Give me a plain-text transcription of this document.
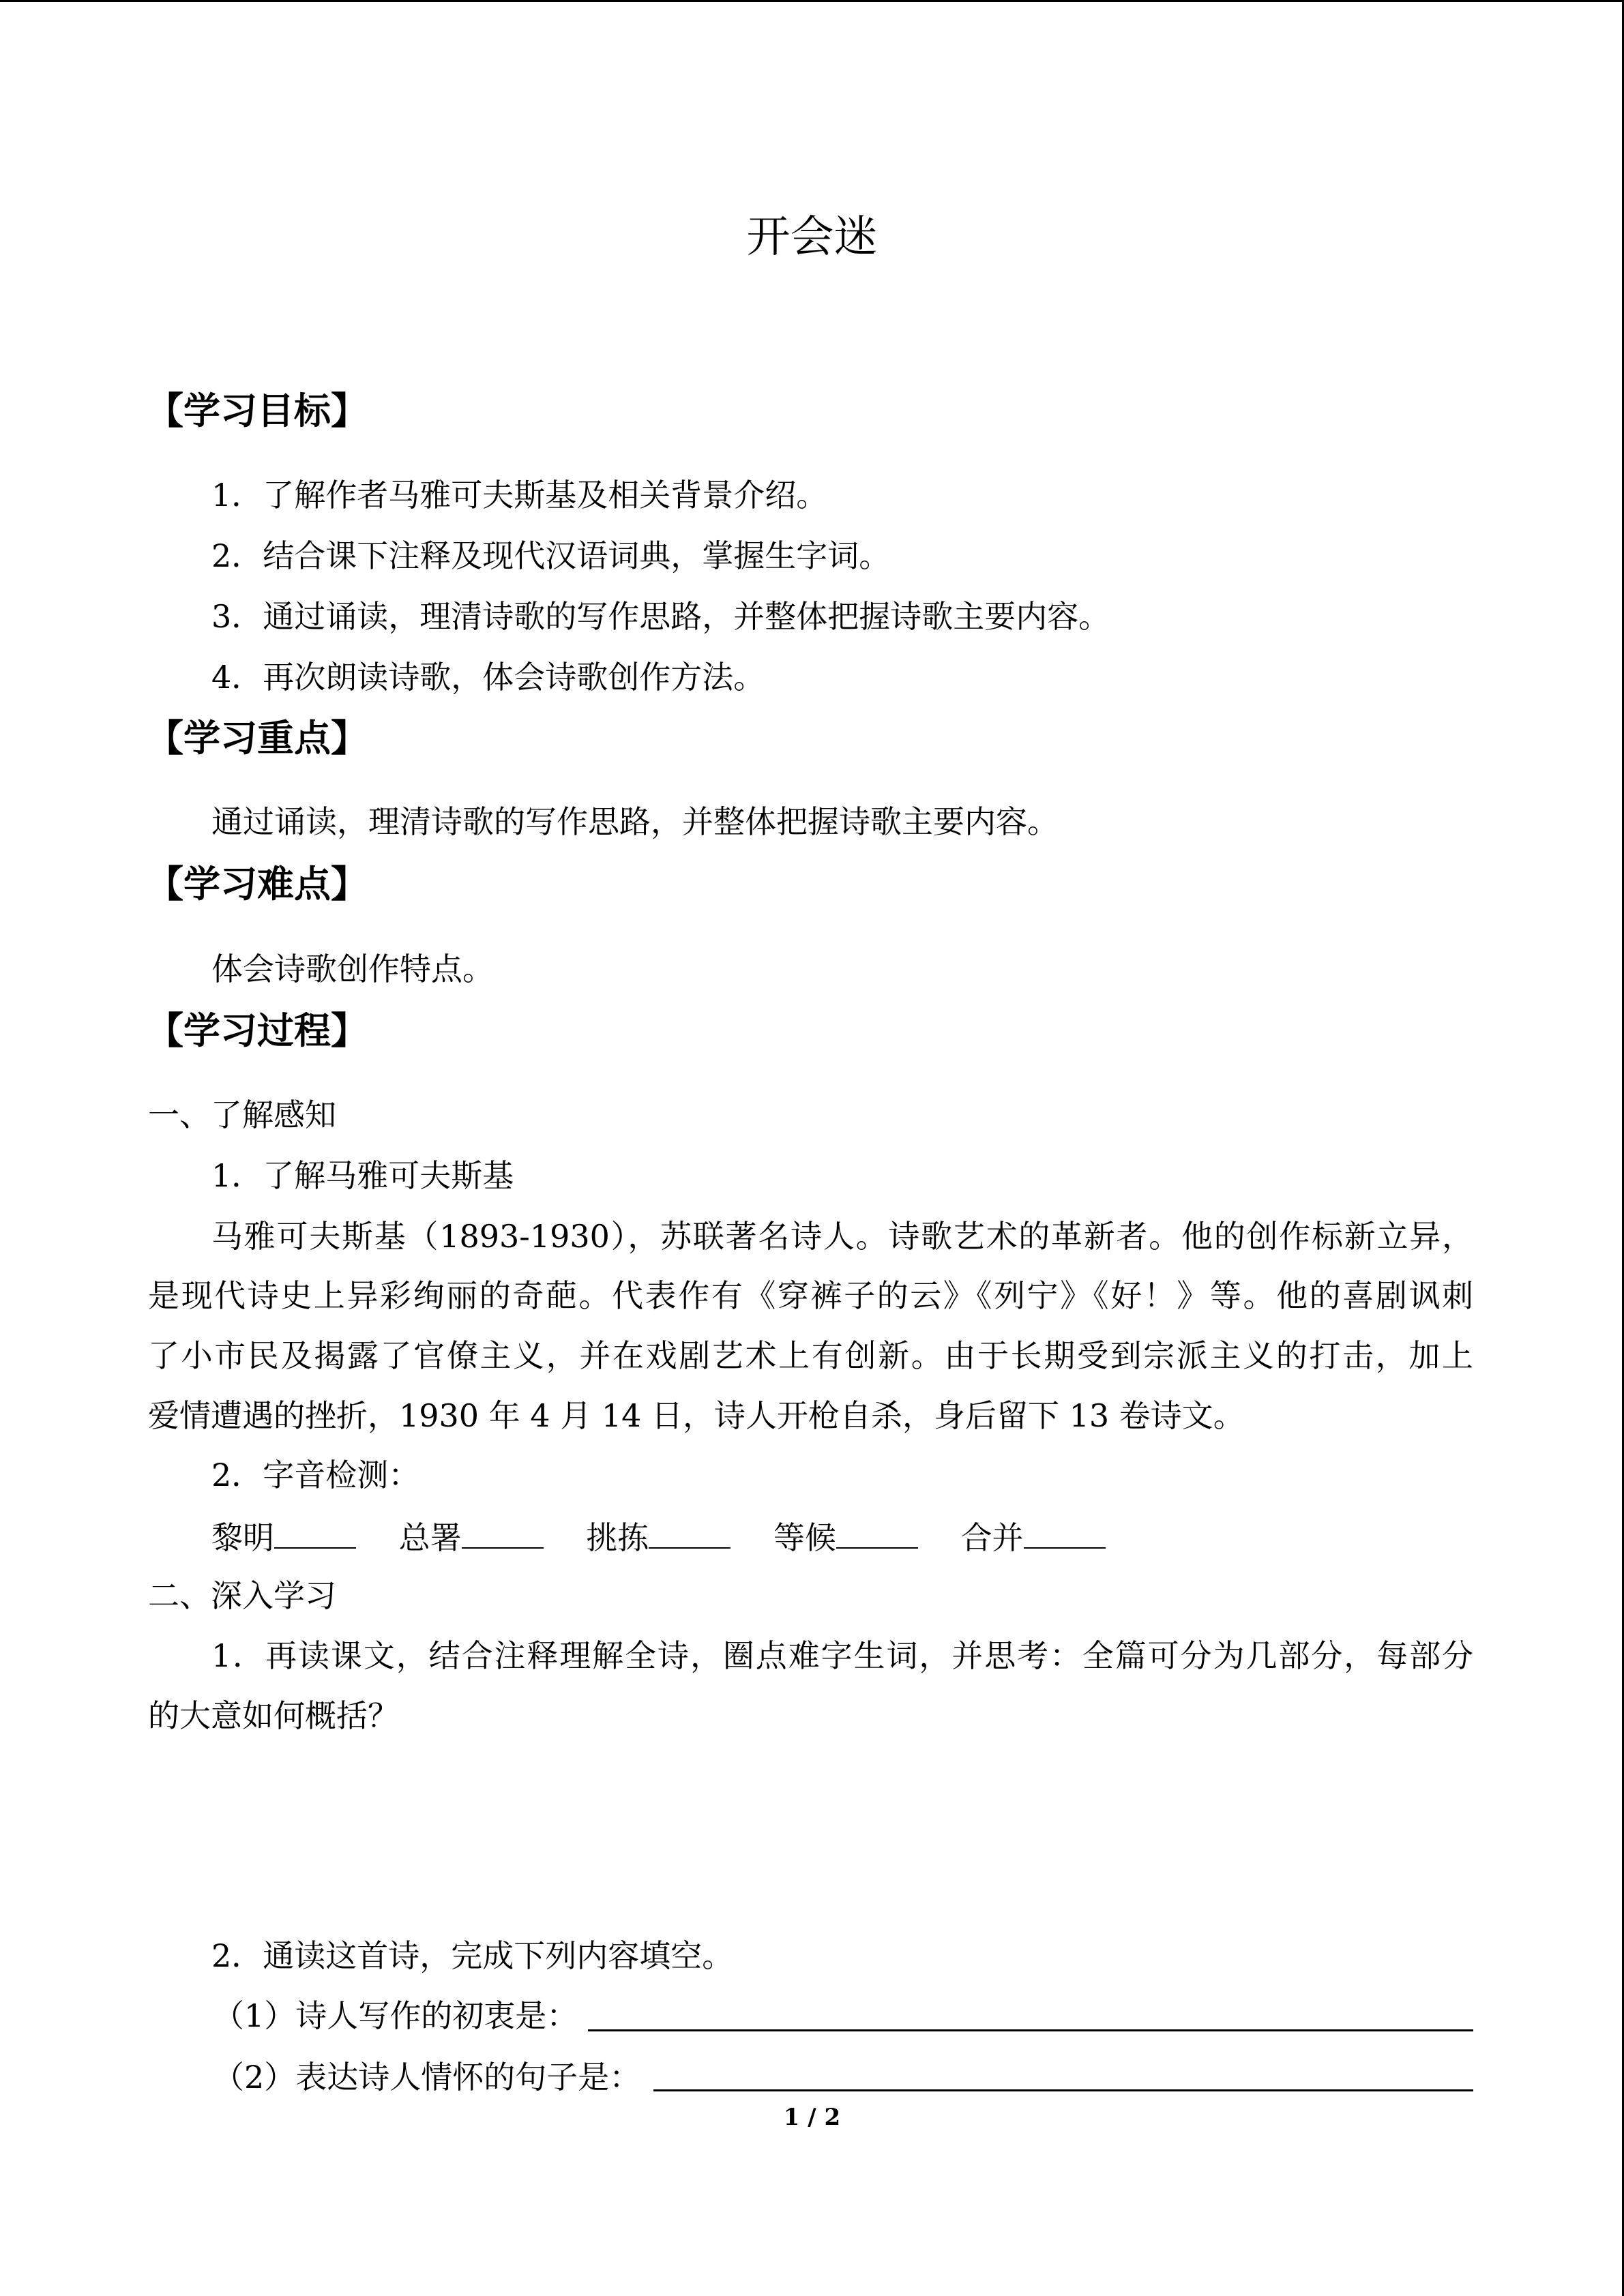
开会迷
【学习目标】
1．了解作者马雅可夫斯基及相关背景介绍。
2．结合课下注释及现代汉语词典，掌握生字词。
3．通过诵读，理清诗歌的写作思路，并整体把握诗歌主要内容。
4．再次朗读诗歌，体会诗歌创作方法。
【学习重点】
通过诵读，理清诗歌的写作思路，并整体把握诗歌主要内容。
【学习难点】
体会诗歌创作特点。
【学习过程】
一、了解感知
1．了解马雅可夫斯基
马雅可夫斯基（1893-1930），苏联著名诗人。诗歌艺术的革新者。他的创作标新立异，
是现代诗史上异彩绚丽的奇葩。代表作有《穿裤子的云》《列宁》《好！》等。他的喜剧讽刺
了小市民及揭露了官僚主义，并在戏剧艺术上有创新。由于长期受到宗派主义的打击，加上
爱情遭遇的挫折，1930 年 4 月 14 日，诗人开枪自杀，身后留下 13 卷诗文。
2．字音检测：
黎明	总署	挑拣	等候	合并
二、深入学习
1．再读课文，结合注释理解全诗，圈点难字生词，并思考：全篇可分为几部分，每部分
的大意如何概括？
2．通读这首诗，完成下列内容填空。
（1）诗人写作的初衷是：
（2）表达诗人情怀的句子是：
1 / 2
